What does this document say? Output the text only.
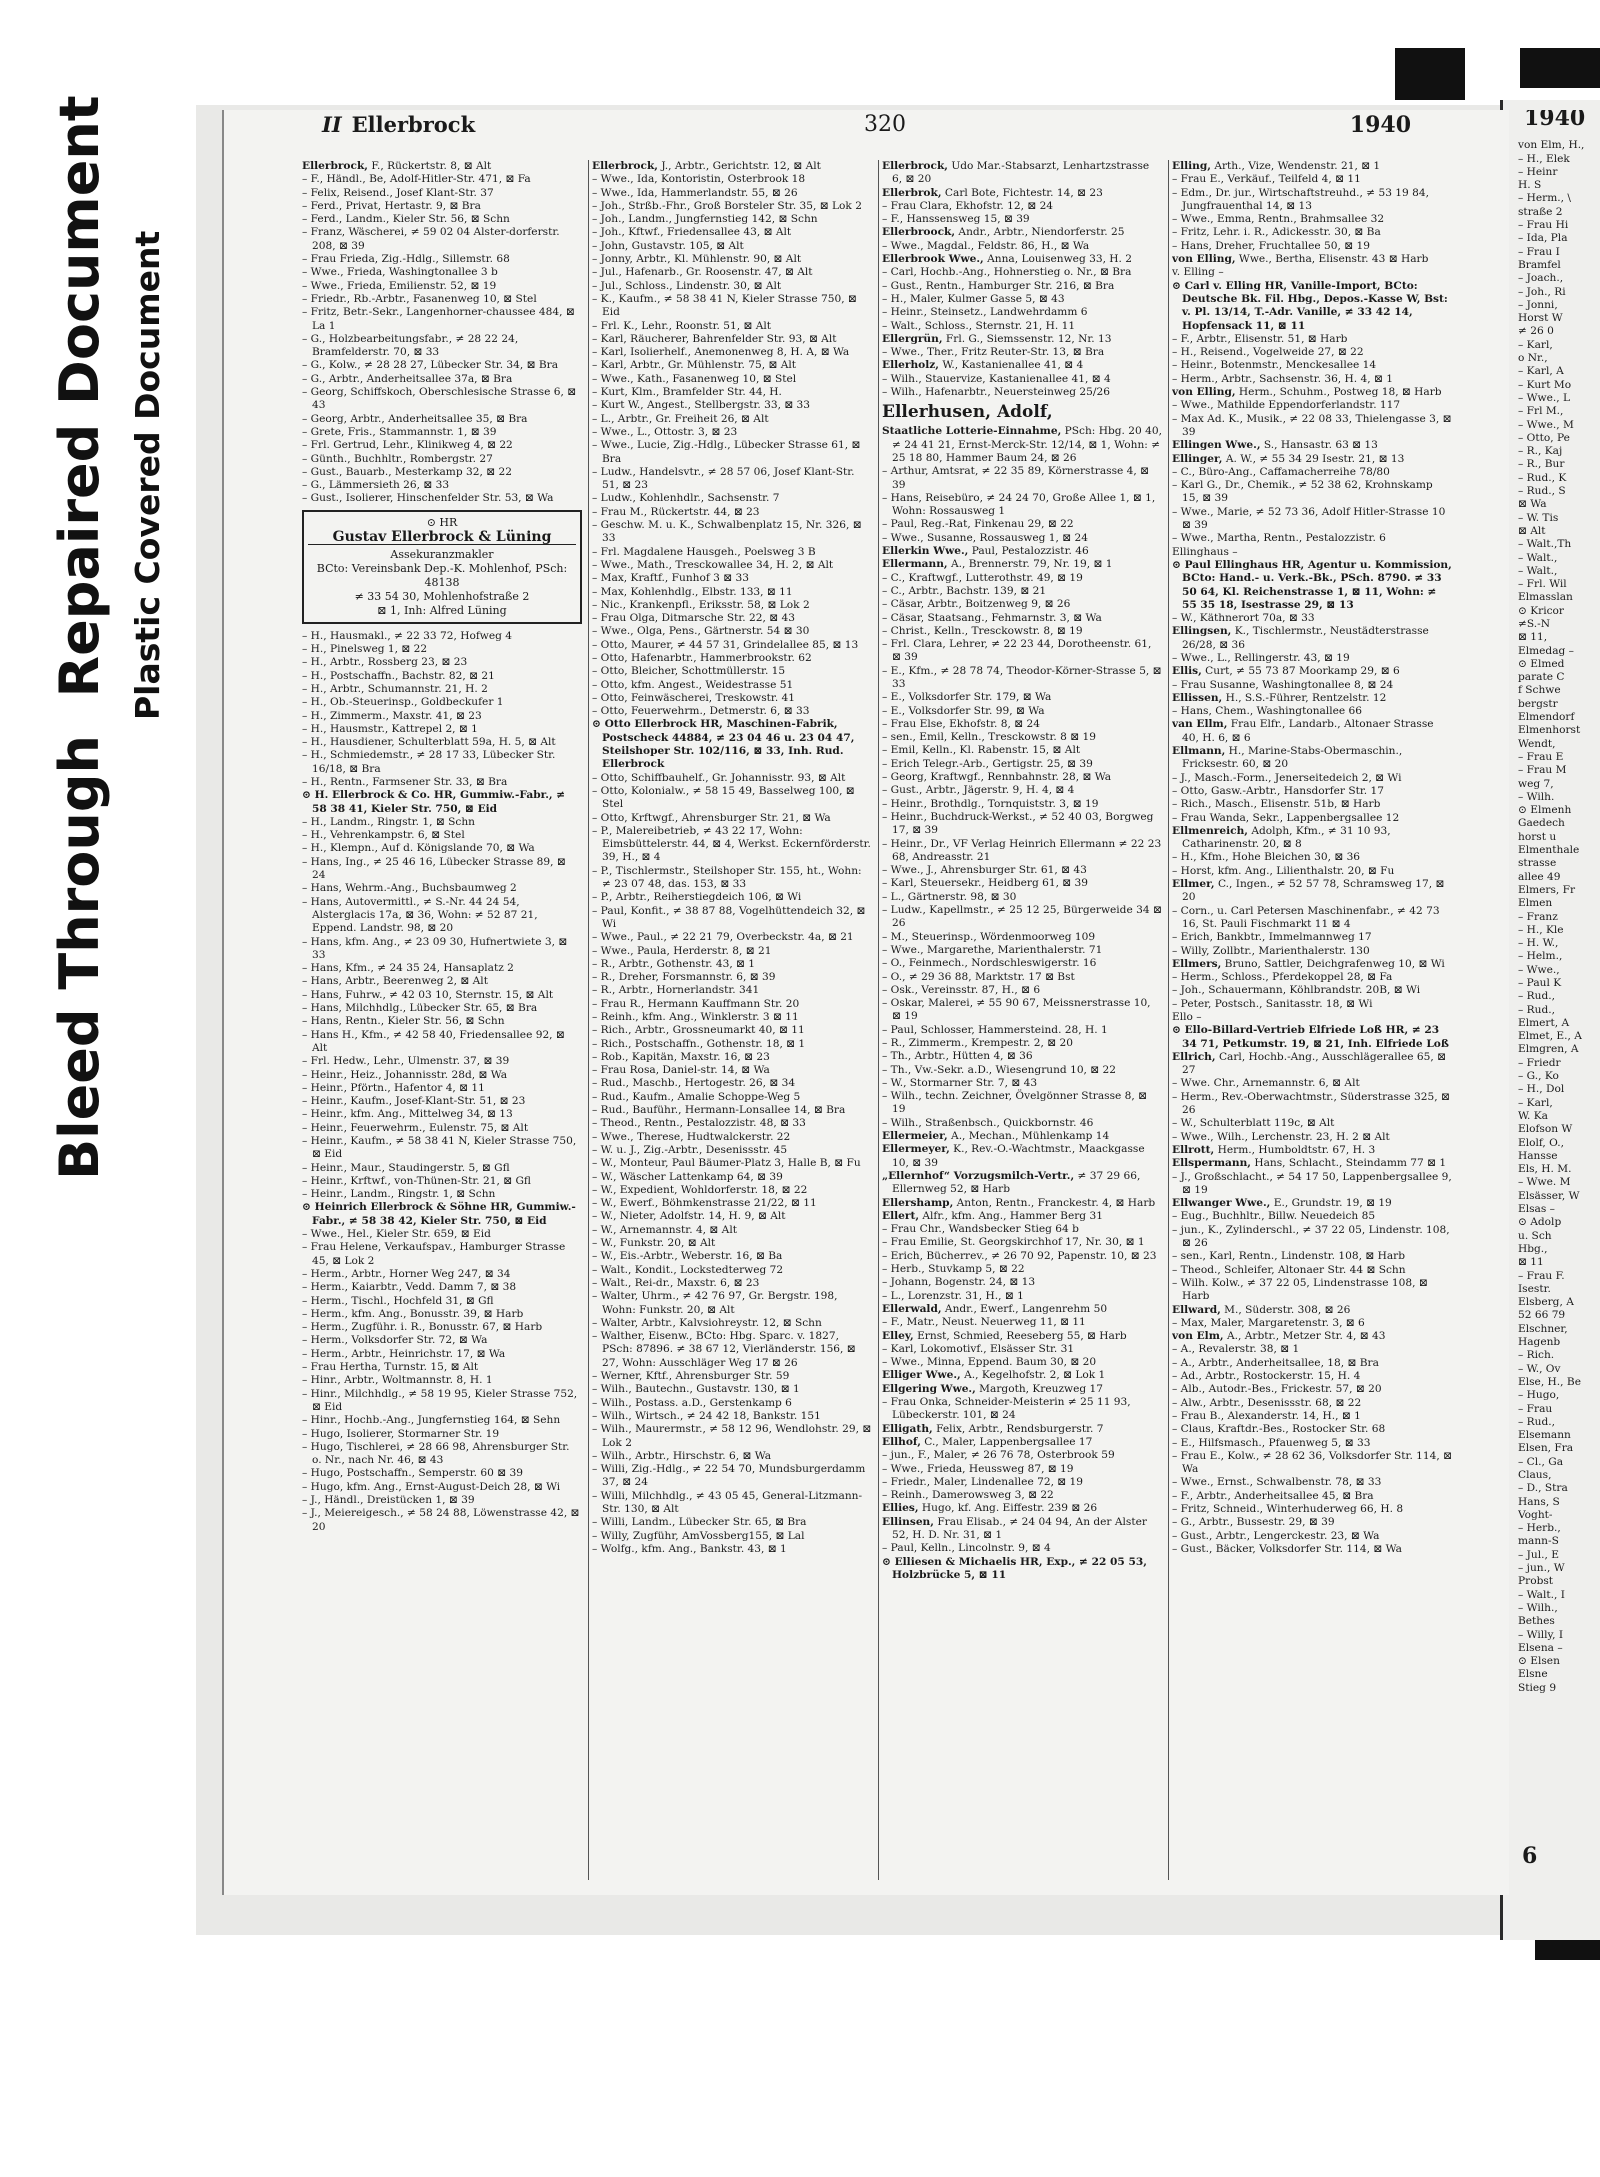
Bleed Through  Repaired Document Plastic Covered Document
1940
von Elm, H.,
– H., Elek
– Heinr
H. S
– Herm., \
straße 2
– Frau Hi
– Ida, Pla
– Frau I
Bramfel
– Joach.,
– Joh., Ri
– Jonni,
Horst W
≠ 26 0
– Karl,
o Nr.,
– Karl, A
– Kurt Mo
– Wwe., L
– Frl M.,
– Wwe., M
– Otto, Pe
– R., Kaj
– R., Bur
– Rud., K
– Rud., S
⊠ Wa
– W. Tis
⊠ Alt
– Walt.,Th
– Walt.,
– Walt.,
– Frl. Wil
Elmasslan
⊙ Kricor
≠S.-N
⊠ 11,
Elmedag –
⊙ Elmed
parate C
f Schwe
bergstr
Elmendorf
Elmenhorst
Wendt,
– Frau E
– Frau M
weg 7,
– Wilh.
⊙ Elmenh
Gaedech
horst u
Elmenthale
strasse
allee 49
Elmers, Fr
Elmen
– Franz
– H., Kle
– H. W.,
– Helm.,
– Wwe.,
– Paul K
– Rud.,
– Rud.,
Elmert, A
Elmet, E., A
Elmgren, A
– Friedr
– G., Ko
– H., Dol
– Karl,
W. Ka
Elofson W
Elolf, O.,
Hansse
Els, H. M.
– Wwe. M
Elsässer, W
Elsas –
⊙ Adolp
u. Sch
Hbg.,
⊠ 11
– Frau F.
Isestr.
Elsberg, A
52 66 79
Elschner,
Hagenb
– Rich.
– W., Ov
Else, H., Be
– Hugo,
– Frau
– Rud.,
Elsemann
Elsen, Fra
– Cl., Ga
Claus,
– D., Stra
Hans, S
Voght-
– Herb.,
mann-S
– Jul., E
– jun., W
Probst
– Walt., I
– Wilh.,
Bethes
– Willy, I
Elsena –
⊙ Elsen
Elsne
Stieg 9
6
II Ellerbrock	320	1940
Ellerbrock, F., Rückertstr. 8, ⊠ Alt
– F., Händl., Be, Adolf-Hitler-Str. 471, ⊠ Fa
– Felix, Reisend., Josef Klant-Str. 37
– Ferd., Privat, Hertastr. 9, ⊠ Bra
– Ferd., Landm., Kieler Str. 56, ⊠ Schn
– Franz, Wäscherei, ≠ 59 02 04 Alster-dorferstr. 208, ⊠ 39
– Frau Frieda, Zig.-Hdlg., Sillemstr. 68
– Wwe., Frieda, Washingtonallee 3 b
– Wwe., Frieda, Emilienstr. 52, ⊠ 19
– Friedr., Rb.-Arbtr., Fasanenweg 10, ⊠ Stel
– Fritz, Betr.-Sekr., Langenhorner-chaussee 484, ⊠ La 1
– G., Holzbearbeitungsfabr., ≠ 28 22 24, Bramfelderstr. 70, ⊠ 33
– G., Kolw., ≠ 28 28 27, Lübecker Str. 34, ⊠ Bra
– G., Arbtr., Anderheitsallee 37a, ⊠ Bra
– Georg, Schiffskoch, Oberschlesische Strasse 6, ⊠ 43
– Georg, Arbtr., Anderheitsallee 35, ⊠ Bra
– Grete, Fris., Stammannstr. 1, ⊠ 39
– Frl. Gertrud, Lehr., Klinikweg 4, ⊠ 22
– Günth., Buchhltr., Rombergstr. 27
– Gust., Bauarb., Mesterkamp 32, ⊠ 22
– G., Lämmersieth 26, ⊠ 33
– Gust., Isolierer, Hinschenfelder Str. 53, ⊠ Wa
⊙ HR
Gustav Ellerbrock & Lüning
Assekuranzmakler
BCto: Vereinsbank Dep.-K. Mohlenhof, PSch: 48138
≠ 33 54 30, Mohlenhofstraße 2
⊠ 1, Inh: Alfred Lüning
– H., Hausmakl., ≠ 22 33 72, Hofweg 4
– H., Pinelsweg 1, ⊠ 22
– H., Arbtr., Rossberg 23, ⊠ 23
– H., Postschaffn., Bachstr. 82, ⊠ 21
– H., Arbtr., Schumannstr. 21, H. 2
– H., Ob.-Steuerinsp., Goldbeckufer 1
– H., Zimmerm., Maxstr. 41, ⊠ 23
– H., Hausmstr., Kattrepel 2, ⊠ 1
– H., Hausdiener, Schulterblatt 59a, H. 5, ⊠ Alt
– H., Schmiedemstr., ≠ 28 17 33, Lübecker Str. 16/18, ⊠ Bra
– H., Rentn., Farmsener Str. 33, ⊠ Bra
⊙ H. Ellerbrock & Co. HR, Gummiw.-Fabr., ≠ 58 38 41, Kieler Str. 750, ⊠ Eid
– H., Landm., Ringstr. 1, ⊠ Schn
– H., Vehrenkampstr. 6, ⊠ Stel
– H., Klempn., Auf d. Königslande 70, ⊠ Wa
– Hans, Ing., ≠ 25 46 16, Lübecker Strasse 89, ⊠ 24
– Hans, Wehrm.-Ang., Buchsbaumweg 2
– Hans, Autovermittl., ≠ S.-Nr. 44 24 54, Alsterglacis 17a, ⊠ 36, Wohn: ≠ 52 87 21, Eppend. Landstr. 98, ⊠ 20
– Hans, kfm. Ang., ≠ 23 09 30, Hufnertwiete 3, ⊠ 33
– Hans, Kfm., ≠ 24 35 24, Hansaplatz 2
– Hans, Arbtr., Beerenweg 2, ⊠ Alt
– Hans, Fuhrw., ≠ 42 03 10, Sternstr. 15, ⊠ Alt
– Hans, Milchhdlg., Lübecker Str. 65, ⊠ Bra
– Hans, Rentn., Kieler Str. 56, ⊠ Schn
– Hans H., Kfm., ≠ 42 58 40, Friedensallee 92, ⊠ Alt
– Frl. Hedw., Lehr., Ulmenstr. 37, ⊠ 39
– Heinr., Heiz., Johannisstr. 28d, ⊠ Wa
– Heinr., Pförtn., Hafentor 4, ⊠ 11
– Heinr., Kaufm., Josef-Klant-Str. 51, ⊠ 23
– Heinr., kfm. Ang., Mittelweg 34, ⊠ 13
– Heinr., Feuerwehrm., Eulenstr. 75, ⊠ Alt
– Heinr., Kaufm., ≠ 58 38 41 N, Kieler Strasse 750, ⊠ Eid
– Heinr., Maur., Staudingerstr. 5, ⊠ Gfl
– Heinr., Krftwf., von-Thünen-Str. 21, ⊠ Gfl
– Heinr., Landm., Ringstr. 1, ⊠ Schn
⊙ Heinrich Ellerbrock & Söhne HR, Gummiw.-Fabr., ≠ 58 38 42, Kieler Str. 750, ⊠ Eid
– Wwe., Hel., Kieler Str. 659, ⊠ Eid
– Frau Helene, Verkaufspav., Hamburger Strasse 45, ⊠ Lok 2
– Herm., Arbtr., Horner Weg 247, ⊠ 34
– Herm., Kaiarbtr., Vedd. Damm 7, ⊠ 38
– Herm., Tischl., Hochfeld 31, ⊠ Gfl
– Herm., kfm. Ang., Bonusstr. 39, ⊠ Harb
– Herm., Zugführ. i. R., Bonusstr. 67, ⊠ Harb
– Herm., Volksdorfer Str. 72, ⊠ Wa
– Herm., Arbtr., Heinrichstr. 17, ⊠ Wa
– Frau Hertha, Turnstr. 15, ⊠ Alt
– Hinr., Arbtr., Woltmannstr. 8, H. 1
– Hinr., Milchhdlg., ≠ 58 19 95, Kieler Strasse 752, ⊠ Eid
– Hinr., Hochb.-Ang., Jungfernstieg 164, ⊠ Sehn
– Hugo, Isolierer, Stormarner Str. 19
– Hugo, Tischlerei, ≠ 28 66 98, Ahrensburger Str. o. Nr., nach Nr. 46, ⊠ 43
– Hugo, Postschaffn., Semperstr. 60 ⊠ 39
– Hugo, kfm. Ang., Ernst-August-Deich 28, ⊠ Wi
– J., Händl., Dreistücken 1, ⊠ 39
– J., Meiereigesch., ≠ 58 24 88, Löwenstrasse 42, ⊠ 20
Ellerbrock, J., Arbtr., Gerichtstr. 12, ⊠ Alt
– Wwe., Ida, Kontoristin, Osterbrook 18
– Wwe., Ida, Hammerlandstr. 55, ⊠ 26
– Joh., Strßb.-Fhr., Groß Borsteler Str. 35, ⊠ Lok 2
– Joh., Landm., Jungfernstieg 142, ⊠ Schn
– Joh., Kftwf., Friedensallee 43, ⊠ Alt
– John, Gustavstr. 105, ⊠ Alt
– Jonny, Arbtr., Kl. Mühlenstr. 90, ⊠ Alt
– Jul., Hafenarb., Gr. Roosenstr. 47, ⊠ Alt
– Jul., Schloss., Lindenstr. 30, ⊠ Alt
– K., Kaufm., ≠ 58 38 41 N, Kieler Strasse 750, ⊠ Eid
– Frl. K., Lehr., Roonstr. 51, ⊠ Alt
– Karl, Räucherer, Bahrenfelder Str. 93, ⊠ Alt
– Karl, Isolierhelf., Anemonenweg 8, H. A, ⊠ Wa
– Karl, Arbtr., Gr. Mühlenstr. 75, ⊠ Alt
– Wwe., Kath., Fasanenweg 10, ⊠ Stel
– Kurt, Klm., Bramfelder Str. 44, H.
– Kurt W., Angest., Stellbergstr. 33, ⊠ 33
– L., Arbtr., Gr. Freiheit 26, ⊠ Alt
– Wwe., L., Ottostr. 3, ⊠ 23
– Wwe., Lucie, Zig.-Hdlg., Lübecker Strasse 61, ⊠ Bra
– Ludw., Handelsvtr., ≠ 28 57 06, Josef Klant-Str. 51, ⊠ 23
– Ludw., Kohlenhdlr., Sachsenstr. 7
– Frau M., Rückertstr. 44, ⊠ 23
– Geschw. M. u. K., Schwalbenplatz 15, Nr. 326, ⊠ 33
– Frl. Magdalene Hausgeh., Poelsweg 3 B
– Wwe., Math., Tresckowallee 34, H. 2, ⊠ Alt
– Max, Kraftf., Funhof 3 ⊠ 33
– Max, Kohlenhdlg., Elbstr. 133, ⊠ 11
– Nic., Krankenpfl., Eriksstr. 58, ⊠ Lok 2
– Frau Olga, Ditmarsche Str. 22, ⊠ 43
– Wwe., Olga, Pens., Gärtnerstr. 54 ⊠ 30
– Otto, Maurer, ≠ 44 57 31, Grindelallee 85, ⊠ 13
– Otto, Hafenarbtr., Hammerbrookstr. 62
– Otto, Bleicher, Schottmüllerstr. 15
– Otto, kfm. Angest., Weidestrasse 51
– Otto, Feinwäscherei, Treskowstr. 41
– Otto, Feuerwehrm., Detmerstr. 6, ⊠ 33
⊙ Otto Ellerbrock HR, Maschinen-Fabrik, Postscheck 44884, ≠ 23 04 46 u. 23 04 47, Steilshoper Str. 102/116, ⊠ 33, Inh. Rud. Ellerbrock
– Otto, Schiffbauhelf., Gr. Johannisstr. 93, ⊠ Alt
– Otto, Kolonialw., ≠ 58 15 49, Basselweg 100, ⊠ Stel
– Otto, Krftwgf., Ahrensburger Str. 21, ⊠ Wa
– P., Malereibetrieb, ≠ 43 22 17, Wohn: Eimsbüttelerstr. 44, ⊠ 4, Werkst. Eckernförderstr. 39, H., ⊠ 4
– P., Tischlermstr., Steilshoper Str. 155, ht., Wohn: ≠ 23 07 48, das. 153, ⊠ 33
– P., Arbtr., Reiherstiegdeich 106, ⊠ Wi
– Paul, Konfit., ≠ 38 87 88, Vogelhüttendeich 32, ⊠ Wi
– Wwe., Paul., ≠ 22 21 79, Overbeckstr. 4a, ⊠ 21
– Wwe., Paula, Herderstr. 8, ⊠ 21
– R., Arbtr., Gothenstr. 43, ⊠ 1
– R., Dreher, Forsmannstr. 6, ⊠ 39
– R., Arbtr., Hornerlandstr. 341
– Frau R., Hermann Kauffmann Str. 20
– Reinh., kfm. Ang., Winklerstr. 3 ⊠ 11
– Rich., Arbtr., Grossneumarkt 40, ⊠ 11
– Rich., Postschaffn., Gothenstr. 18, ⊠ 1
– Rob., Kapitän, Maxstr. 16, ⊠ 23
– Frau Rosa, Daniel-str. 14, ⊠ Wa
– Rud., Maschb., Hertogestr. 26, ⊠ 34
– Rud., Kaufm., Amalie Schoppe-Weg 5
– Rud., Bauführ., Hermann-Lonsallee 14, ⊠ Bra
– Theod., Rentn., Pestalozzistr. 48, ⊠ 33
– Wwe., Therese, Hudtwalckerstr. 22
– W. u. J., Zig.-Arbtr., Desenissstr. 45
– W., Monteur, Paul Bäumer-Platz 3, Halle B, ⊠ Fu
– W., Wäscher Lattenkamp 64, ⊠ 39
– W., Expedient, Wohldorferstr. 18, ⊠ 22
– W., Ewerf., Böhmkenstrasse 21/22, ⊠ 11
– W., Nieter, Adolfstr. 14, H. 9, ⊠ Alt
– W., Arnemannstr. 4, ⊠ Alt
– W., Funkstr. 20, ⊠ Alt
– W., Eis.-Arbtr., Weberstr. 16, ⊠ Ba
– Walt., Kondit., Lockstedterweg 72
– Walt., Rei-dr., Maxstr. 6, ⊠ 23
– Walter, Uhrm., ≠ 42 76 97, Gr. Bergstr. 198, Wohn: Funkstr. 20, ⊠ Alt
– Walter, Arbtr., Kalvsiohreystr. 12, ⊠ Schn
– Walther, Eisenw., BCto: Hbg. Sparc. v. 1827, PSch: 87896. ≠ 38 67 12, Vierländerstr. 156, ⊠ 27, Wohn: Ausschläger Weg 17 ⊠ 26
– Werner, Kftf., Ahrensburger Str. 59
– Wilh., Bautechn., Gustavstr. 130, ⊠ 1
– Wilh., Postass. a.D., Gerstenkamp 6
– Wilh., Wirtsch., ≠ 24 42 18, Bankstr. 151
– Wilh., Maurermstr., ≠ 58 12 96, Wendlohstr. 29, ⊠ Lok 2
– Wilh., Arbtr., Hirschstr. 6, ⊠ Wa
– Willi, Zig.-Hdlg., ≠ 22 54 70, Mundsburgerdamm 37, ⊠ 24
– Willi, Milchhdlg., ≠ 43 05 45, General-Litzmann-Str. 130, ⊠ Alt
– Willi, Landm., Lübecker Str. 65, ⊠ Bra
– Willy, Zugführ, AmVossberg155, ⊠ Lal
– Wolfg., kfm. Ang., Bankstr. 43, ⊠ 1
Ellerbrock, Udo Mar.-Stabsarzt, Lenhartzstrasse 6, ⊠ 20
Ellerbrok, Carl Bote, Fichtestr. 14, ⊠ 23
– Frau Clara, Ekhofstr. 12, ⊠ 24
– F., Hanssensweg 15, ⊠ 39
Ellerbroock, Andr., Arbtr., Niendorferstr. 25
– Wwe., Magdal., Feldstr. 86, H., ⊠ Wa
Ellerbrook Wwe., Anna, Louisenweg 33, H. 2
– Carl, Hochb.-Ang., Hohnerstieg o. Nr., ⊠ Bra
– Gust., Rentn., Hamburger Str. 216, ⊠ Bra
– H., Maler, Kulmer Gasse 5, ⊠ 43
– Heinr., Steinsetz., Landwehrdamm 6
– Walt., Schloss., Sternstr. 21, H. 11
Ellergrün, Frl. G., Siemssenstr. 12, Nr. 13
– Wwe., Ther., Fritz Reuter-Str. 13, ⊠ Bra
Ellerholz, W., Kastanienallee 41, ⊠ 4
– Wilh., Stauervize, Kastanienallee 41, ⊠ 4
– Wilh., Hafenarbtr., Neuersteinweg 25/26
Ellerhusen, Adolf,
Staatliche Lotterie-Einnahme, PSch: Hbg. 20 40, ≠ 24 41 21, Ernst-Merck-Str. 12/14, ⊠ 1, Wohn: ≠ 25 18 80, Hammer Baum 24, ⊠ 26
– Arthur, Amtsrat, ≠ 22 35 89, Körnerstrasse 4, ⊠ 39
– Hans, Reisebüro, ≠ 24 24 70, Große Allee 1, ⊠ 1, Wohn: Rossausweg 1
– Paul, Reg.-Rat, Finkenau 29, ⊠ 22
– Wwe., Susanne, Rossausweg 1, ⊠ 24
Ellerkin Wwe., Paul, Pestalozzistr. 46
Ellermann, A., Brennerstr. 79, Nr. 19, ⊠ 1
– C., Kraftwgf., Lutterothstr. 49, ⊠ 19
– C., Arbtr., Bachstr. 139, ⊠ 21
– Cäsar, Arbtr., Boitzenweg 9, ⊠ 26
– Cäsar, Staatsang., Fehmarnstr. 3, ⊠ Wa
– Christ., Kelln., Tresckowstr. 8, ⊠ 19
– Frl. Clara, Lehrer, ≠ 22 23 44, Dorotheenstr. 61, ⊠ 39
– E., Kfm., ≠ 28 78 74, Theodor-Körner-Strasse 5, ⊠ 33
– E., Volksdorfer Str. 179, ⊠ Wa
– E., Volksdorfer Str. 99, ⊠ Wa
– Frau Else, Ekhofstr. 8, ⊠ 24
– sen., Emil, Kelln., Tresckowstr. 8 ⊠ 19
– Emil, Kelln., Kl. Rabenstr. 15, ⊠ Alt
– Erich Telegr.-Arb., Gertigstr. 25, ⊠ 39
– Georg, Kraftwgf., Rennbahnstr. 28, ⊠ Wa
– Gust., Arbtr., Jägerstr. 9, H. 4, ⊠ 4
– Heinr., Brothdlg., Tornquiststr. 3, ⊠ 19
– Heinr., Buchdruck-Werkst., ≠ 52 40 03, Borgweg 17, ⊠ 39
– Heinr., Dr., VF Verlag Heinrich Ellermann ≠ 22 23 68, Andreasstr. 21
– Wwe., J., Ahrensburger Str. 61, ⊠ 43
– Karl, Steuersekr., Heidberg 61, ⊠ 39
– L., Gärtnerstr. 98, ⊠ 30
– Ludw., Kapellmstr., ≠ 25 12 25, Bürgerweide 34 ⊠ 26
– M., Steuerinsp., Wördenmoorweg 109
– Wwe., Margarethe, Marienthalerstr. 71
– O., Feinmech., Nordschleswigerstr. 16
– O., ≠ 29 36 88, Marktstr. 17 ⊠ Bst
– Osk., Vereinsstr. 87, H., ⊠ 6
– Oskar, Malerei, ≠ 55 90 67, Meissnerstrasse 10, ⊠ 19
– Paul, Schlosser, Hammersteind. 28, H. 1
– R., Zimmerm., Krempestr. 2, ⊠ 20
– Th., Arbtr., Hütten 4, ⊠ 36
– Th., Vw.-Sekr. a.D., Wiesengrund 10, ⊠ 22
– W., Stormarner Str. 7, ⊠ 43
– Wilh., techn. Zeichner, Övelgönner Strasse 8, ⊠ 19
– Wilh., Straßenbsch., Quickbornstr. 46
Ellermeier, A., Mechan., Mühlenkamp 14
Ellermeyer, K., Rev.-O.-Wachtmstr., Maackgasse 10, ⊠ 39
„Ellernhof“ Vorzugsmilch-Vertr., ≠ 37 29 66, Ellernweg 52, ⊠ Harb
Ellershamp, Anton, Rentn., Franckestr. 4, ⊠ Harb
Ellert, Alfr., kfm. Ang., Hammer Berg 31
– Frau Chr., Wandsbecker Stieg 64 b
– Frau Emilie, St. Georgskirchhof 17, Nr. 30, ⊠ 1
– Erich, Bücherrev., ≠ 26 70 92, Papenstr. 10, ⊠ 23
– Herb., Stuvkamp 5, ⊠ 22
– Johann, Bogenstr. 24, ⊠ 13
– L., Lorenzstr. 31, H., ⊠ 1
Ellerwald, Andr., Ewerf., Langenrehm 50
– F., Matr., Neust. Neuerweg 11, ⊠ 11
Elley, Ernst, Schmied, Reeseberg 55, ⊠ Harb
– Karl, Lokomotivf., Elsässer Str. 31
– Wwe., Minna, Eppend. Baum 30, ⊠ 20
Elliger Wwe., A., Kegelhofstr. 2, ⊠ Lok 1
Ellgering Wwe., Margoth, Kreuzweg 17
– Frau Onka, Schneider-Meisterin ≠ 25 11 93, Lübeckerstr. 101, ⊠ 24
Elligath, Felix, Arbtr., Rendsburgerstr. 7
Ellhof, C., Maler, Lappenbergsallee 17
– jun., F., Maler, ≠ 26 76 78, Osterbrook 59
– Wwe., Frieda, Heussweg 87, ⊠ 19
– Friedr., Maler, Lindenallee 72, ⊠ 19
– Reinh., Damerowsweg 3, ⊠ 22
Ellies, Hugo, kf. Ang. Eiffestr. 239 ⊠ 26
Ellinsen, Frau Elisab., ≠ 24 04 94, An der Alster 52, H. D. Nr. 31, ⊠ 1
– Paul, Kelln., Lincolnstr. 9, ⊠ 4
⊙ Elliesen & Michaelis HR, Exp., ≠ 22 05 53, Holzbrücke 5, ⊠ 11
Elling, Arth., Vize, Wendenstr. 21, ⊠ 1
– Frau E., Verkäuf., Teilfeld 4, ⊠ 11
– Edm., Dr. jur., Wirtschaftstreuhd., ≠ 53 19 84, Jungfrauenthal 14, ⊠ 13
– Wwe., Emma, Rentn., Brahmsallee 32
– Fritz, Lehr. i. R., Adickesstr. 30, ⊠ Ba
– Hans, Dreher, Fruchtallee 50, ⊠ 19
von Elling, Wwe., Bertha, Elisenstr. 43 ⊠ Harb
v. Elling –
⊙ Carl v. Elling HR, Vanille-Import, BCto: Deutsche Bk. Fil. Hbg., Depos.-Kasse W, Bst: v. Pl. 13/14, T.-Adr. Vanille, ≠ 33 42 14, Hopfensack 11, ⊠ 11
– F., Arbtr., Elisenstr. 51, ⊠ Harb
– H., Reisend., Vogelweide 27, ⊠ 22
– Heinr., Botenmstr., Menckesallee 14
– Herm., Arbtr., Sachsenstr. 36, H. 4, ⊠ 1
von Elling, Herm., Schuhm., Postweg 18, ⊠ Harb
– Wwe., Mathilde Eppendorferlandstr. 117
– Max Ad. K., Musik., ≠ 22 08 33, Thielengasse 3, ⊠ 39
Ellingen Wwe., S., Hansastr. 63 ⊠ 13
Ellinger, A. W., ≠ 55 34 29 Isestr. 21, ⊠ 13
– C., Büro-Ang., Caffamacherreihe 78/80
– Karl G., Dr., Chemik., ≠ 52 38 62, Krohnskamp 15, ⊠ 39
– Wwe., Marie, ≠ 52 73 36, Adolf Hitler-Strasse 10 ⊠ 39
– Wwe., Martha, Rentn., Pestalozzistr. 6
Ellinghaus –
⊙ Paul Ellinghaus HR, Agentur u. Kommission, BCto: Hand.- u. Verk.-Bk., PSch. 8790. ≠ 33 50 64, Kl. Reichenstrasse 1, ⊠ 11, Wohn: ≠ 55 35 18, Isestrasse 29, ⊠ 13
– W., Käthnerort 70a, ⊠ 33
Ellingsen, K., Tischlermstr., Neustädterstrasse 26/28, ⊠ 36
– Wwe., L., Rellingerstr. 43, ⊠ 19
Ellis, Curt, ≠ 55 73 87 Moorkamp 29, ⊠ 6
– Frau Susanne, Washingtonallee 8, ⊠ 24
Ellissen, H., S.S.-Führer, Rentzelstr. 12
– Hans, Chem., Washingtonallee 66
van Ellm, Frau Elfr., Landarb., Altonaer Strasse 40, H. 6, ⊠ 6
Ellmann, H., Marine-Stabs-Obermaschin., Fricksestr. 60, ⊠ 20
– J., Masch.-Form., Jenerseitedeich 2, ⊠ Wi
– Otto, Gasw.-Arbtr., Hansdorfer Str. 17
– Rich., Masch., Elisenstr. 51b, ⊠ Harb
– Frau Wanda, Sekr., Lappenbergsallee 12
Ellmenreich, Adolph, Kfm., ≠ 31 10 93, Catharinenstr. 20, ⊠ 8
– H., Kfm., Hohe Bleichen 30, ⊠ 36
– Horst, kfm. Ang., Lilienthalstr. 20, ⊠ Fu
Ellmer, C., Ingen., ≠ 52 57 78, Schramsweg 17, ⊠ 20
– Corn., u. Carl Petersen Maschinenfabr., ≠ 42 73 16, St. Pauli Fischmarkt 11 ⊠ 4
– Erich, Bankbtr., Immelmannweg 17
– Willy, Zollbtr., Marienthalerstr. 130
Ellmers, Bruno, Sattler, Deichgrafenweg 10, ⊠ Wi
– Herm., Schloss., Pferdekoppel 28, ⊠ Fa
– Joh., Schauermann, Köhlbrandstr. 20B, ⊠ Wi
– Peter, Postsch., Sanitasstr. 18, ⊠ Wi
Ello –
⊙ Ello-Billard-Vertrieb Elfriede Loß HR, ≠ 23 34 71, Petkumstr. 19, ⊠ 21, Inh. Elfriede Loß
Ellrich, Carl, Hochb.-Ang., Ausschlägerallee 65, ⊠ 27
– Wwe. Chr., Arnemannstr. 6, ⊠ Alt
– Herm., Rev.-Oberwachtmstr., Süderstrasse 325, ⊠ 26
– W., Schulterblatt 119c, ⊠ Alt
– Wwe., Wilh., Lerchenstr. 23, H. 2 ⊠ Alt
Ellrott, Herm., Humboldtstr. 67, H. 3
Ellspermann, Hans, Schlacht., Steindamm 77 ⊠ 1
– J., Großschlacht., ≠ 54 17 50, Lappenbergsallee 9, ⊠ 19
Ellwanger Wwe., E., Grundstr. 19, ⊠ 19
– Eug., Buchhltr., Billw. Neuedeich 85
– jun., K., Zylinderschl., ≠ 37 22 05, Lindenstr. 108, ⊠ 26
– sen., Karl, Rentn., Lindenstr. 108, ⊠ Harb
– Theod., Schleifer, Altonaer Str. 44 ⊠ Schn
– Wilh. Kolw., ≠ 37 22 05, Lindenstrasse 108, ⊠ Harb
Ellward, M., Süderstr. 308, ⊠ 26
– Max, Maler, Margaretenstr. 3, ⊠ 6
von Elm, A., Arbtr., Metzer Str. 4, ⊠ 43
– A., Revalerstr. 38, ⊠ 1
– A., Arbtr., Anderheitsallee, 18, ⊠ Bra
– Ad., Arbtr., Rostockerstr. 15, H. 4
– Alb., Autodr.-Bes., Frickestr. 57, ⊠ 20
– Alw., Arbtr., Desenissstr. 68, ⊠ 22
– Frau B., Alexanderstr. 14, H., ⊠ 1
– Claus, Kraftdr.-Bes., Rostocker Str. 68
– E., Hilfsmasch., Pfauenweg 5, ⊠ 33
– Frau E., Kolw., ≠ 28 62 36, Volksdorfer Str. 114, ⊠ Wa
– Wwe., Ernst., Schwalbenstr. 78, ⊠ 33
– F., Arbtr., Anderheitsallee 45, ⊠ Bra
– Fritz, Schneid., Winterhuderweg 66, H. 8
– G., Arbtr., Bussestr. 29, ⊠ 39
– Gust., Arbtr., Lengerckestr. 23, ⊠ Wa
– Gust., Bäcker, Volksdorfer Str. 114, ⊠ Wa
